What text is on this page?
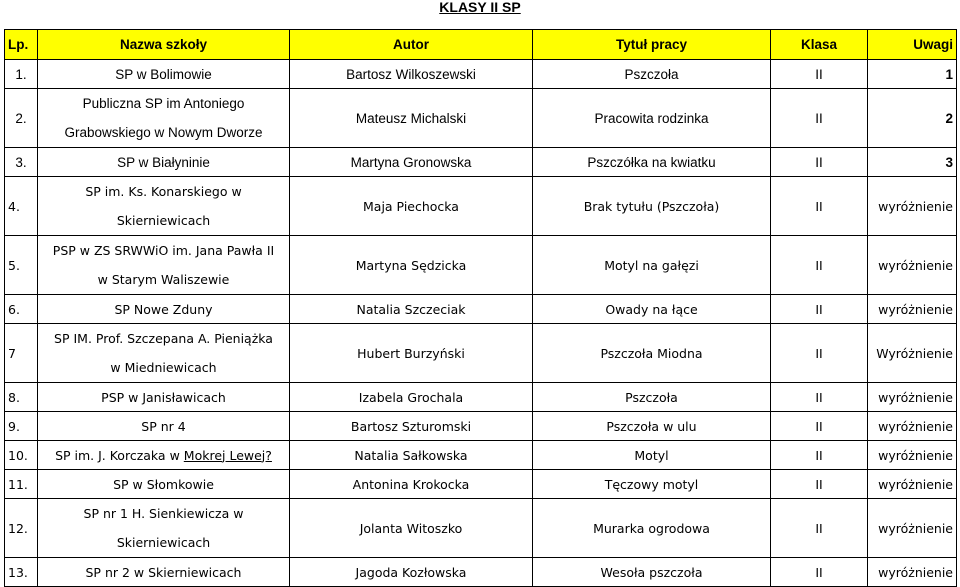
KLASY II SP
Lp.	Nazwa szkoły	Autor	Tytuł pracy	Klasa	Uwagi
1.	SP w Bolimowie	Bartosz Wilkoszewski	Pszczoła	II	1
2.	Publiczna SP im Antoniego
Grabowskiego w Nowym Dworze	Mateusz Michalski	Pracowita rodzinka	II	2
3.	SP w Białyninie	Martyna Gronowska	Pszczółka na kwiatku	II	3
4.	SP im. Ks. Konarskiego w
Skierniewicach	Maja Piechocka	Brak tytułu (Pszczoła)	II	wyróżnienie
5.	PSP w ZS SRWWiO im. Jana Pawła II
w Starym Waliszewie	Martyna Sędzicka	Motyl na gałęzi	II	wyróżnienie
6.	SP Nowe Zduny	Natalia Szczeciak	Owady na łące	II	wyróżnienie
7	SP IM. Prof. Szczepana A. Pieniążka
w Miedniewicach	Hubert Burzyński	Pszczoła Miodna	II	Wyróżnienie
8.	PSP w Janisławicach	Izabela Grochala	Pszczoła	II	wyróżnienie
9.	SP nr 4	Bartosz Szturomski	Pszczoła w ulu	II	wyróżnienie
10.	SP im. J. Korczaka w Mokrej Lewej?	Natalia Sałkowska	Motyl	II	wyróżnienie
11.	SP w Słomkowie	Antonina Krokocka	Tęczowy motyl	II	wyróżnienie
12.	SP nr 1 H. Sienkiewicza w
Skierniewicach	Jolanta Witoszko	Murarka ogrodowa	II	wyróżnienie
13.	SP nr 2 w Skierniewicach	Jagoda Kozłowska	Wesoła pszczoła	II	wyróżnienie
